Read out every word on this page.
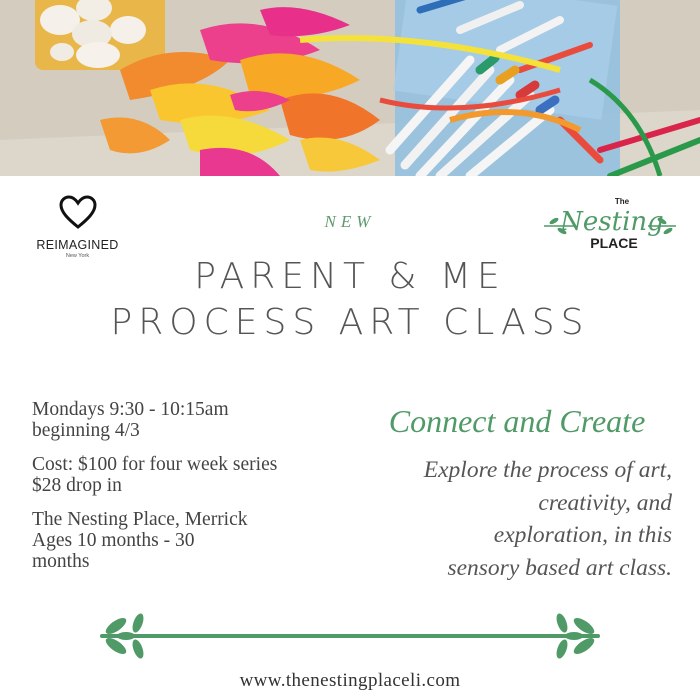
REIMAGINED
New York
NEW
The
Nesting
PLACE
PARENT & ME
PROCESS ART CLASS

Mondays 9:30 - 10:15am
beginning 4/3

Cost: $100 for four week series
$28 drop in

The Nesting Place, Merrick
Ages 10 months - 30
months

Connect and Create
Explore the process of art,
creativity, and
exploration, in this
sensory based art class.
www.thenestingplaceli.com
